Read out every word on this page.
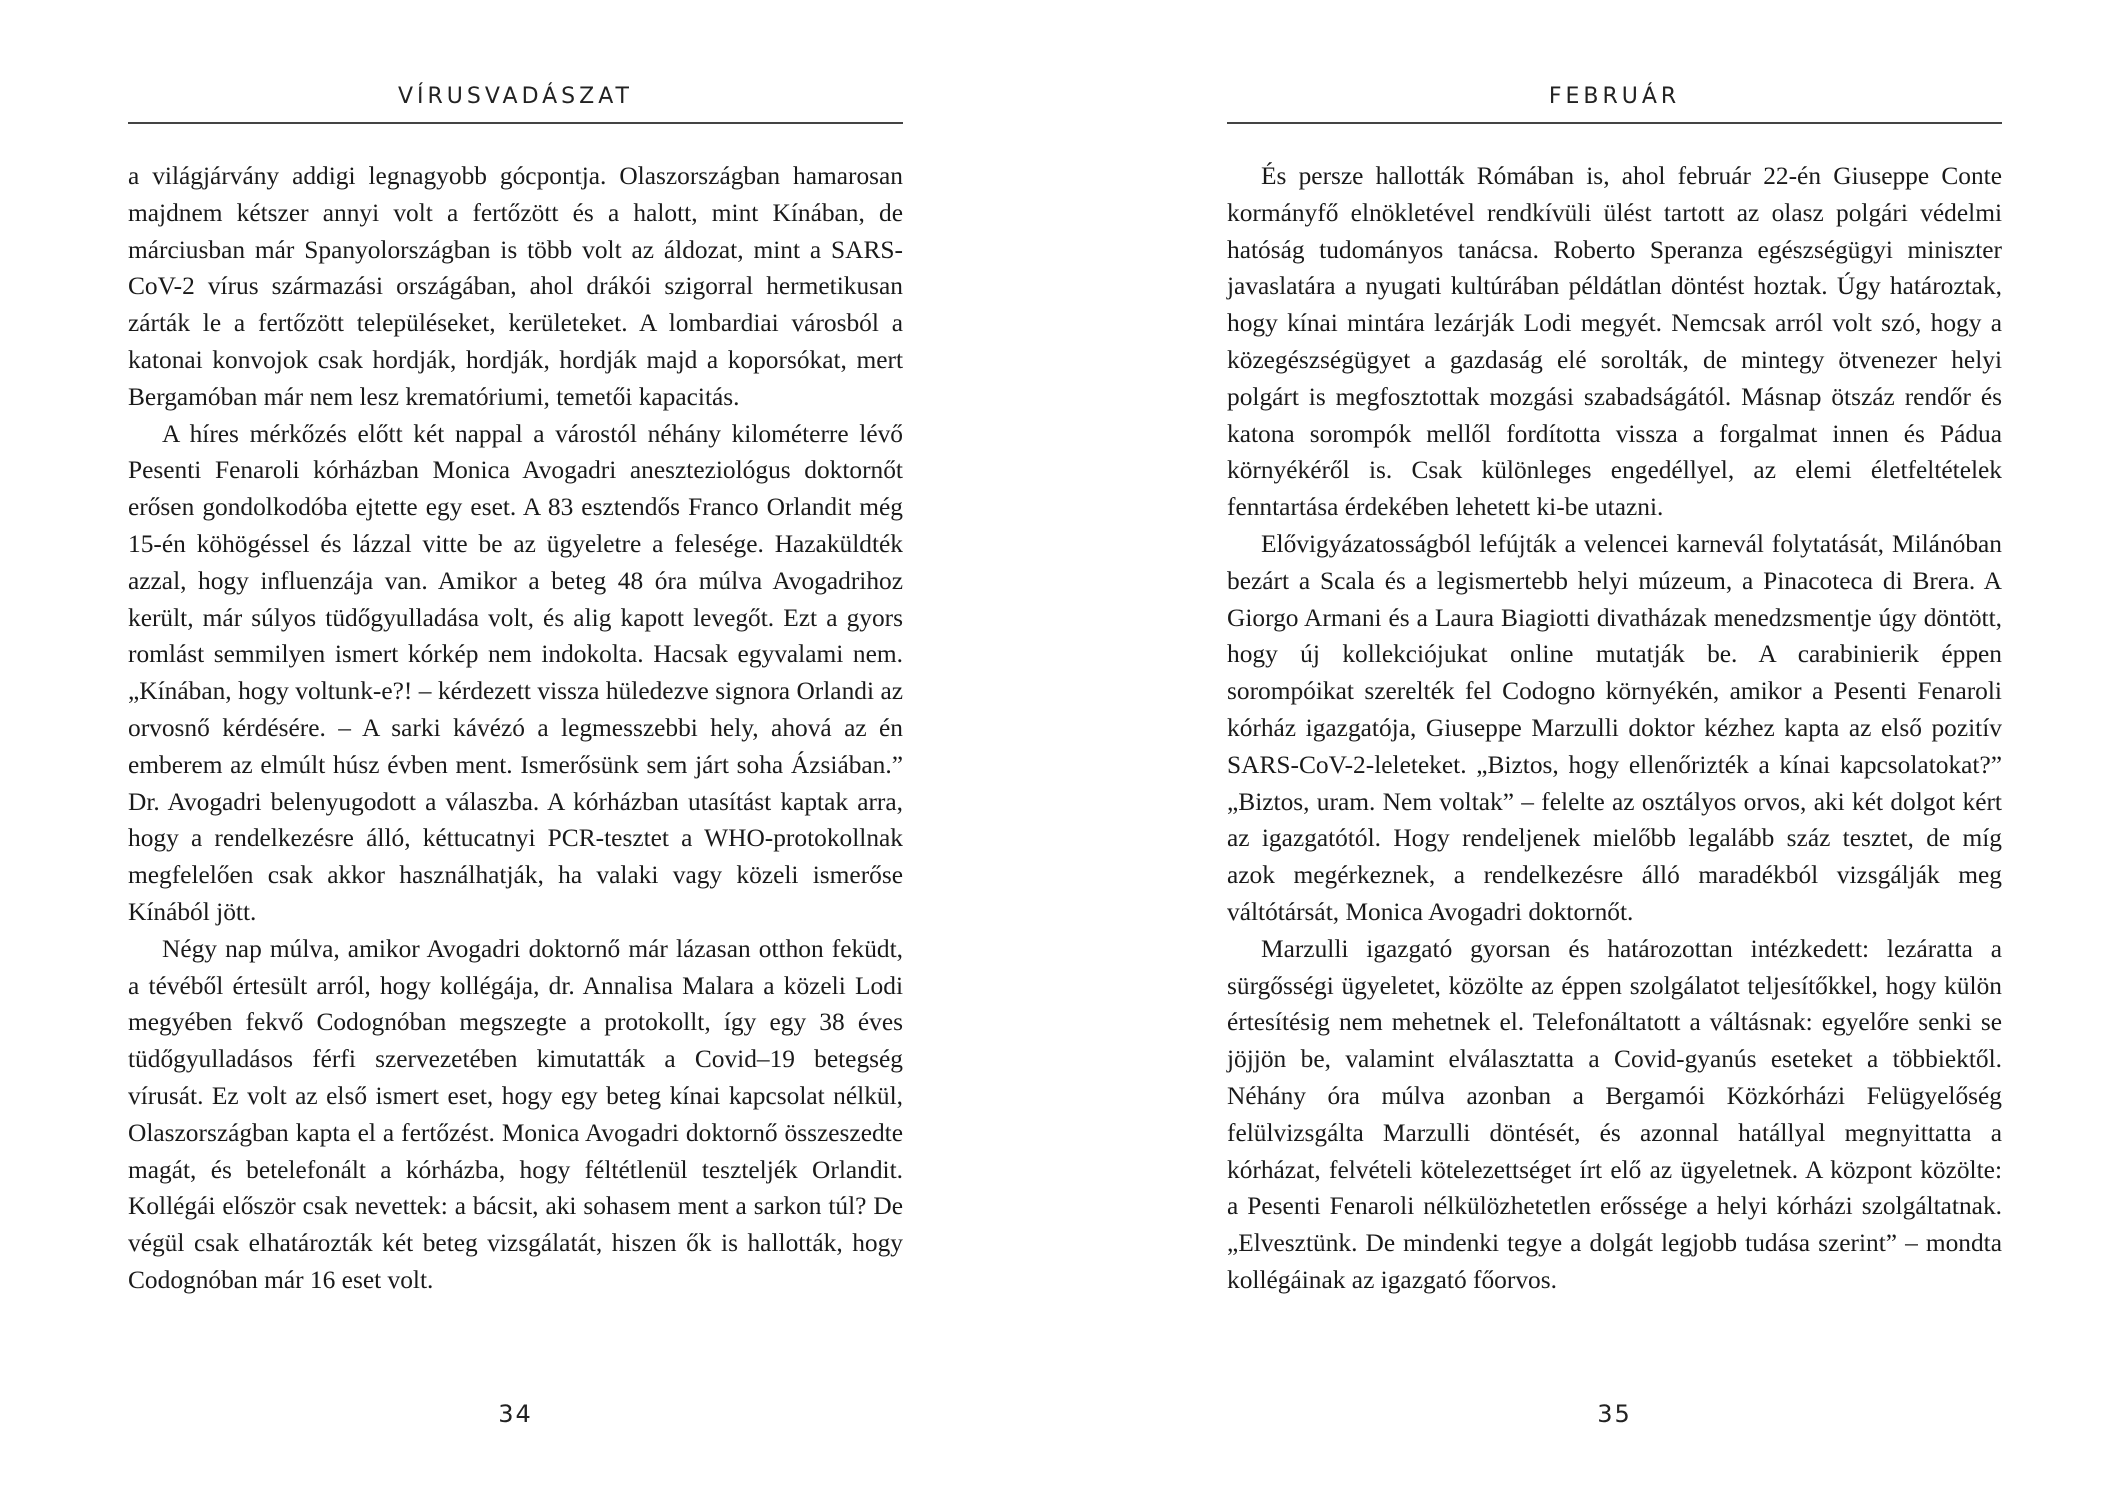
VÍRUSVADÁSZAT

a világjárvány addigi legnagyobb gócpontja. Olaszországban hamarosan majdnem kétszer annyi volt a fertőzött és a halott, mint Kínában, de márciusban már Spanyolországban is több volt az áldozat, mint a SARS-CoV-2 vírus származási országában, ahol drákói szigorral hermetikusan zárták le a fertőzött településeket, kerületeket. A lombardiai városból a katonai konvojok csak hordják, hordják, hordják majd a koporsókat, mert Bergamóban már nem lesz krematóriumi, temetői kapacitás.

A híres mérkőzés előtt két nappal a várostól néhány kilométerre lévő Pesenti Fenaroli kórházban Monica Avogadri aneszteziológus doktornőt erősen gondolkodóba ejtette egy eset. A 83 esztendős Franco Orlandit még 15-én köhögéssel és lázzal vitte be az ügyeletre a felesége. Hazaküldték azzal, hogy influenzája van. Amikor a beteg 48 óra múlva Avogadrihoz került, már súlyos tüdőgyulladása volt, és alig kapott levegőt. Ezt a gyors romlást semmilyen ismert kórkép nem indokolta. Hacsak egyvalami nem. „Kínában, hogy voltunk-e?! – kérdezett vissza hüledezve signora Orlandi az orvosnő kérdésére. – A sarki kávézó a legmesszebbi hely, ahová az én emberem az elmúlt húsz évben ment. Ismerősünk sem járt soha Ázsiában.” Dr. Avogadri belenyugodott a válaszba. A kórházban utasítást kaptak arra, hogy a rendelkezésre álló, kéttucatnyi PCR-tesztet a WHO-protokollnak megfelelően csak akkor használhatják, ha valaki vagy közeli ismerőse Kínából jött.

Négy nap múlva, amikor Avogadri doktornő már lázasan otthon feküdt, a tévéből értesült arról, hogy kollégája, dr. Annalisa Malara a közeli Lodi megyében fekvő Codognóban megszegte a protokollt, így egy 38 éves tüdőgyulladásos férfi szervezetében kimutatták a Covid–19 betegség vírusát. Ez volt az első ismert eset, hogy egy beteg kínai kapcsolat nélkül, Olaszországban kapta el a fertőzést. Monica Avogadri doktornő összeszedte magát, és betelefonált a kórházba, hogy féltétlenül teszteljék Orlandit. Kollégái először csak nevettek: a bácsit, aki sohasem ment a sarkon túl? De végül csak elhatározták két beteg vizsgálatát, hiszen ők is hallották, hogy Codognóban már 16 eset volt.

34
FEBRUÁR

És persze hallották Rómában is, ahol február 22-én Giuseppe Conte kormányfő elnökletével rendkívüli ülést tartott az olasz polgári védelmi hatóság tudományos tanácsa. Roberto Speranza egészségügyi miniszter javaslatára a nyugati kultúrában példátlan döntést hoztak. Úgy határoztak, hogy kínai mintára lezárják Lodi megyét. Nemcsak arról volt szó, hogy a közegészségügyet a gazdaság elé sorolták, de mintegy ötvenezer helyi polgárt is megfosztottak mozgási szabadságától. Másnap ötszáz rendőr és katona sorompók mellől fordította vissza a forgalmat innen és Pádua környékéről is. Csak különleges engedéllyel, az elemi életfeltételek fenntartása érdekében lehetett ki-be utazni.

Elővigyázatosságból lefújták a velencei karnevál folytatását, Milánóban bezárt a Scala és a legismertebb helyi múzeum, a Pinacoteca di Brera. A Giorgo Armani és a Laura Biagiotti divatházak menedzsmentje úgy döntött, hogy új kollekciójukat online mutatják be. A carabinierik éppen sorompóikat szerelték fel Codogno környékén, amikor a Pesenti Fenaroli kórház igazgatója, Giuseppe Marzulli doktor kézhez kapta az első pozitív SARS-CoV-2-leleteket. „Biztos, hogy ellenőrizték a kínai kapcsolatokat?” „Biztos, uram. Nem voltak” – felelte az osztályos orvos, aki két dolgot kért az igazgatótól. Hogy rendeljenek mielőbb legalább száz tesztet, de míg azok megérkeznek, a rendelkezésre álló maradékból vizsgálják meg váltótársát, Monica Avogadri doktornőt.

Marzulli igazgató gyorsan és határozottan intézkedett: lezáratta a sürgősségi ügyeletet, közölte az éppen szolgálatot teljesítőkkel, hogy külön értesítésig nem mehetnek el. Telefonáltatott a váltásnak: egyelőre senki se jöjjön be, valamint elválasztatta a Covid-gyanús eseteket a többiektől. Néhány óra múlva azonban a Bergamói Közkórházi Felügyelőség felülvizsgálta Marzulli döntését, és azonnal hatállyal megnyittatta a kórházat, felvételi kötelezettséget írt elő az ügyeletnek. A központ közölte: a Pesenti Fenaroli nélkülözhetetlen erőssége a helyi kórházi szolgáltatnak. „Elvesztünk. De mindenki tegye a dolgát legjobb tudása szerint” – mondta kollégáinak az igazgató főorvos.

35
